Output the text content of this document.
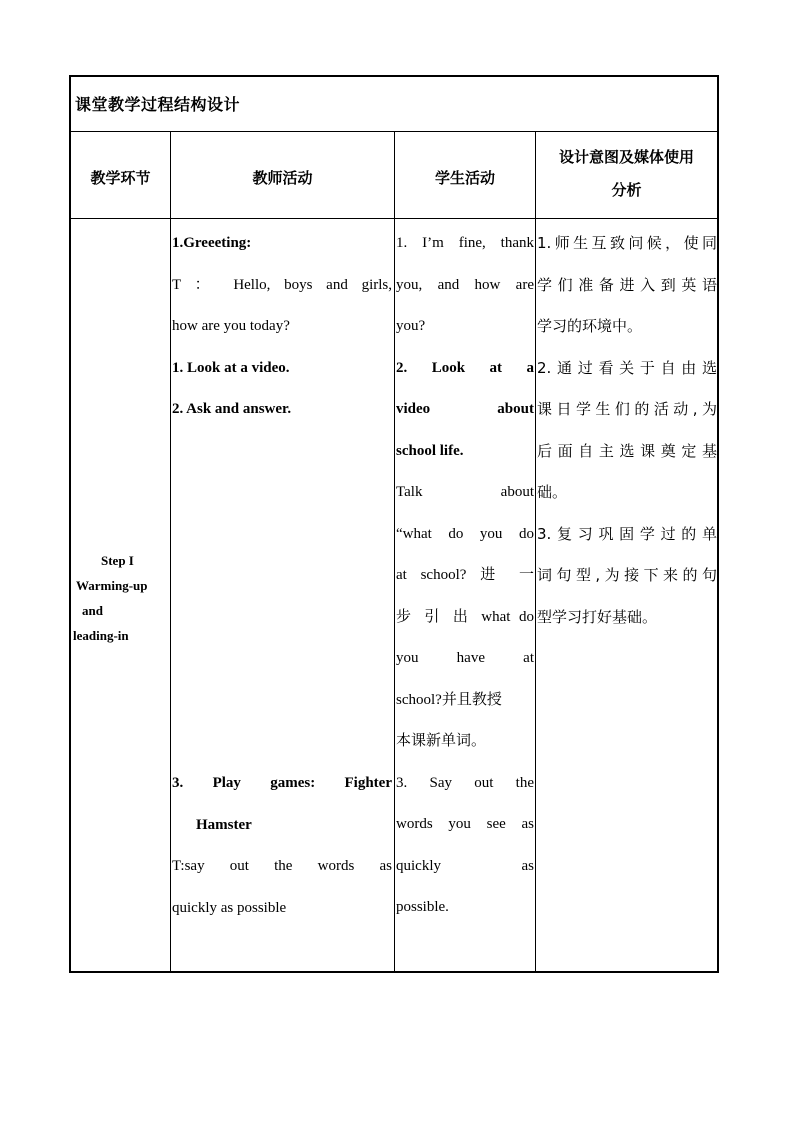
课堂教学过程结构设计
教学环节	教师活动	学生活动
设计意图及媒体使用
分析
Step I
Warming-up
and
leading-in
1.Greeeting:
T ： Hello, boys and girls,
how are you today?
1. Look at a video.
2. Ask and answer.
3. Play games: Fighter
Hamster
T:say out the words as
quickly as possible
1. I’m fine, thank
you, and how are
you?
2. Look at a
video about
school life.
Talk about
“what do you do
at school? 进 一
步 引 出 what do
you have at
school?并且教授
本课新单词。
3. Say out the
words you see as
quickly as
possible.
1.师生互致问候，使同
学们准备进入到英语
学习的环境中。
2.通过看关于自由选
课日学生们的活动,为
后面自主选课奠定基
础。
3.复习巩固学过的单
词句型,为接下来的句
型学习打好基础。
